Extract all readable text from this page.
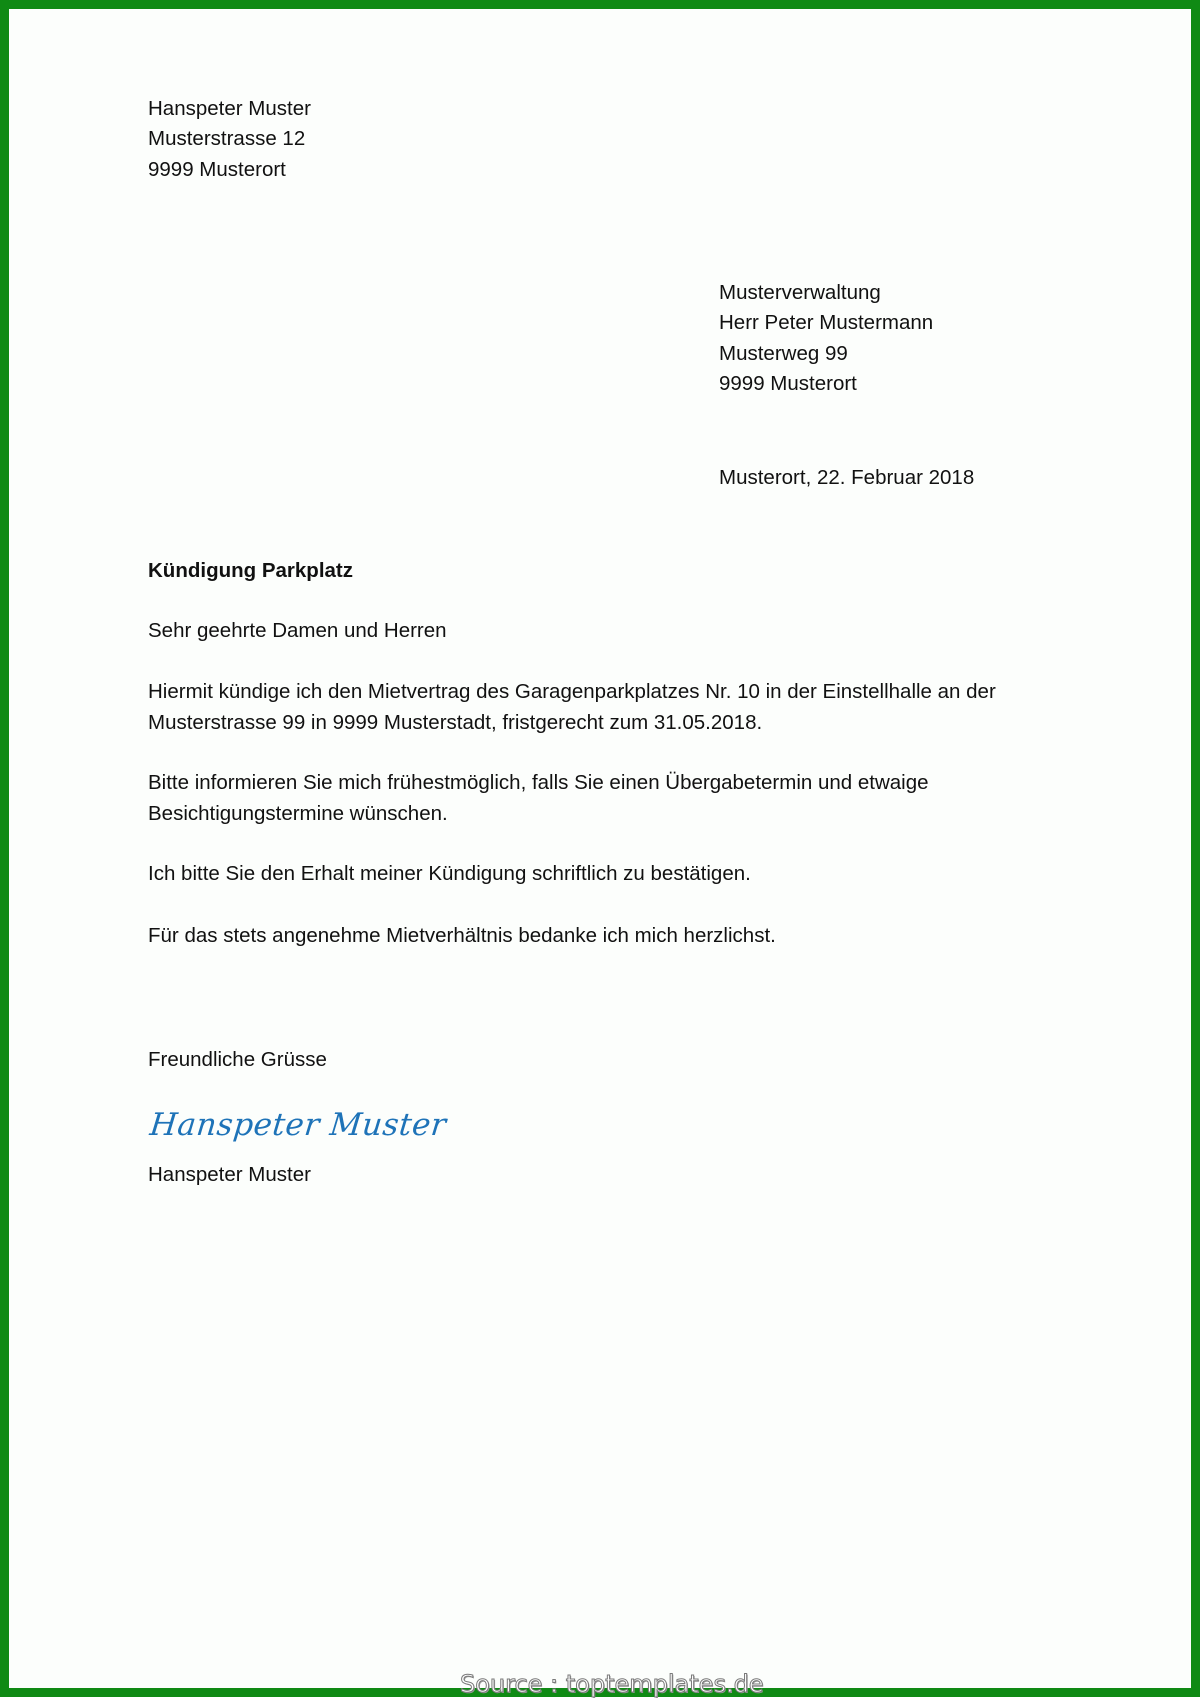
Hanspeter Muster
Musterstrasse 12
9999 Musterort
Musterverwaltung
Herr Peter Mustermann
Musterweg 99
9999 Musterort
Musterort, 22. Februar 2018
Kündigung Parkplatz
Sehr geehrte Damen und Herren
Hiermit kündige ich den Mietvertrag des Garagenparkplatzes Nr. 10 in der Einstellhalle an der
Musterstrasse 99 in 9999 Musterstadt, fristgerecht zum 31.05.2018.
Bitte informieren Sie mich frühestmöglich, falls Sie einen Übergabetermin und etwaige
Besichtigungstermine wünschen.
Ich bitte Sie den Erhalt meiner Kündigung schriftlich zu bestätigen.
Für das stets angenehme Mietverhältnis bedanke ich mich herzlichst.
Freundliche Grüsse
Hanspeter Muster
Hanspeter Muster
Source : toptemplates.de
